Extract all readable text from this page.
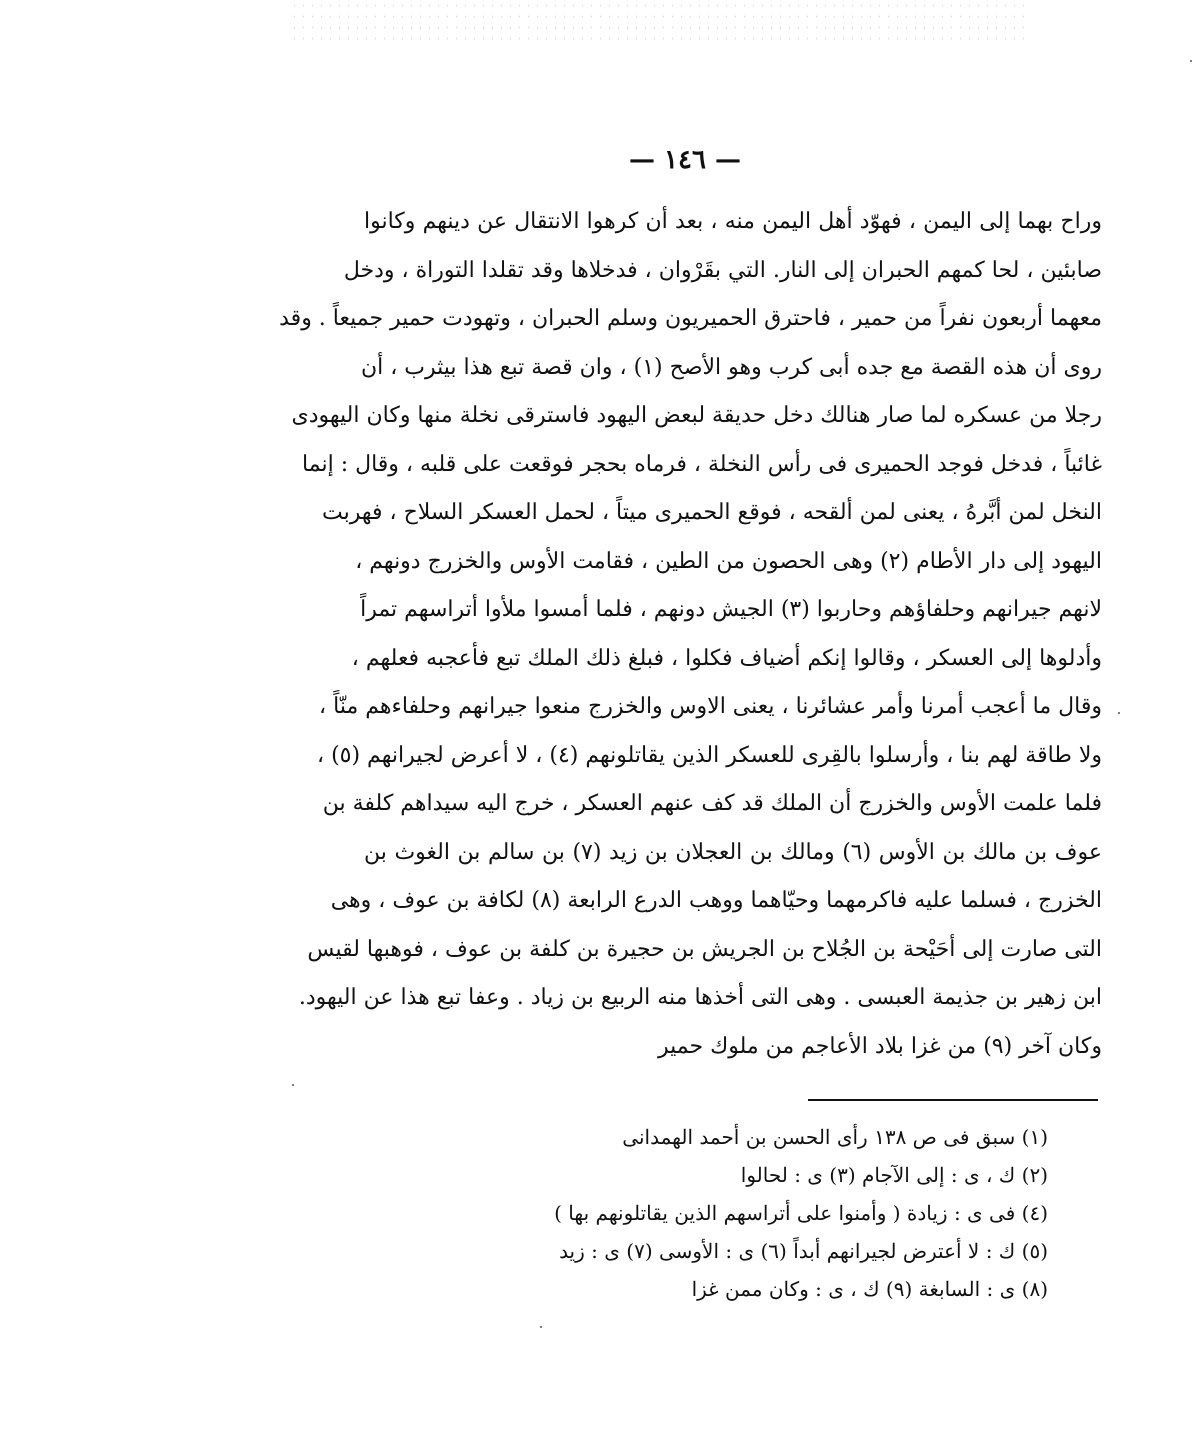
— ١٤٦ —
وراح بهما إلى اليمن ، فهوّد أهل اليمن منه ، بعد أن كرهوا الانتقال عن دينهم وكانوا
صابئين ، لحا كمهم الحبران إلى النار. التي بقَرْوان ، فدخلاها وقد تقلدا التوراة ، ودخل
معهما أربعون نفراً من حمير ، فاحترق الحميريون وسلم الحبران ، وتهودت حمير جميعاً . وقد
روى أن هذه القصة مع جده أبى كرب وهو الأصح (١) ، وان قصة تبع هذا بيثرب ، أن
رجلا من عسكره لما صار هنالك دخل حديقة لبعض اليهود فاسترقى نخلة منها وكان اليهودى
غائباً ، فدخل فوجد الحميرى فى رأس النخلة ، فرماه بحجر فوقعت على قلبه ، وقال : إنما
النخل لمن أبَّرهُ ، يعنى لمن ألقحه ، فوقع الحميرى ميتاً ، لحمل العسكر السلاح ، فهربت
اليهود إلى دار الأطام (٢) وهى الحصون من الطين ، فقامت الأوس والخزرج دونهم ،
لانهم جيرانهم وحلفاؤهم وحاربوا (٣) الجيش دونهم ، فلما أمسوا ملأوا أتراسهم تمراً
وأدلوها إلى العسكر ، وقالوا إنكم أضياف فكلوا ، فبلغ ذلك الملك تبع فأعجبه فعلهم ،
وقال ما أعجب أمرنا وأمر عشائرنا ، يعنى الاوس والخزرج منعوا جيرانهم وحلفاءهم منّاً ،
ولا طاقة لهم بنا ، وأرسلوا بالقِرى للعسكر الذين يقاتلونهم (٤) ، لا أعرض لجيرانهم (٥) ،
فلما علمت الأوس والخزرج أن الملك قد كف عنهم العسكر ، خرج اليه سيداهم كلفة بن
عوف بن مالك بن الأوس (٦) ومالك بن العجلان بن زيد (٧) بن سالم بن الغوث بن
الخزرج ، فسلما عليه فاكرمهما وحيّاهما ووهب الدرع الرابعة (٨) لكافة بن عوف ، وهى
التى صارت إلى أحَيْحة بن الجُلاح بن الجريش بن حجيرة بن كلفة بن عوف ، فوهبها لقيس
ابن زهير بن جذيمة العبسى . وهى التى أخذها منه الربيع بن زياد . وعفا تبع هذا عن اليهود.
وكان آخر (٩) من غزا بلاد الأعاجم من ملوك حمير
(١) سبق فى ص ١٣٨ رأى الحسن بن أحمد الهمدانى
(٢) ك ، ى : إلى الآجام (٣) ى : لحالوا
(٤) فى ى : زيادة ( وأمنوا على أتراسهم الذين يقاتلونهم بها )
(٥) ك : لا أعترض لجيرانهم أبداً (٦) ى : الأوسى (٧) ى : زيد
(٨) ى : السابغة (٩) ك ، ى : وكان ممن غزا
